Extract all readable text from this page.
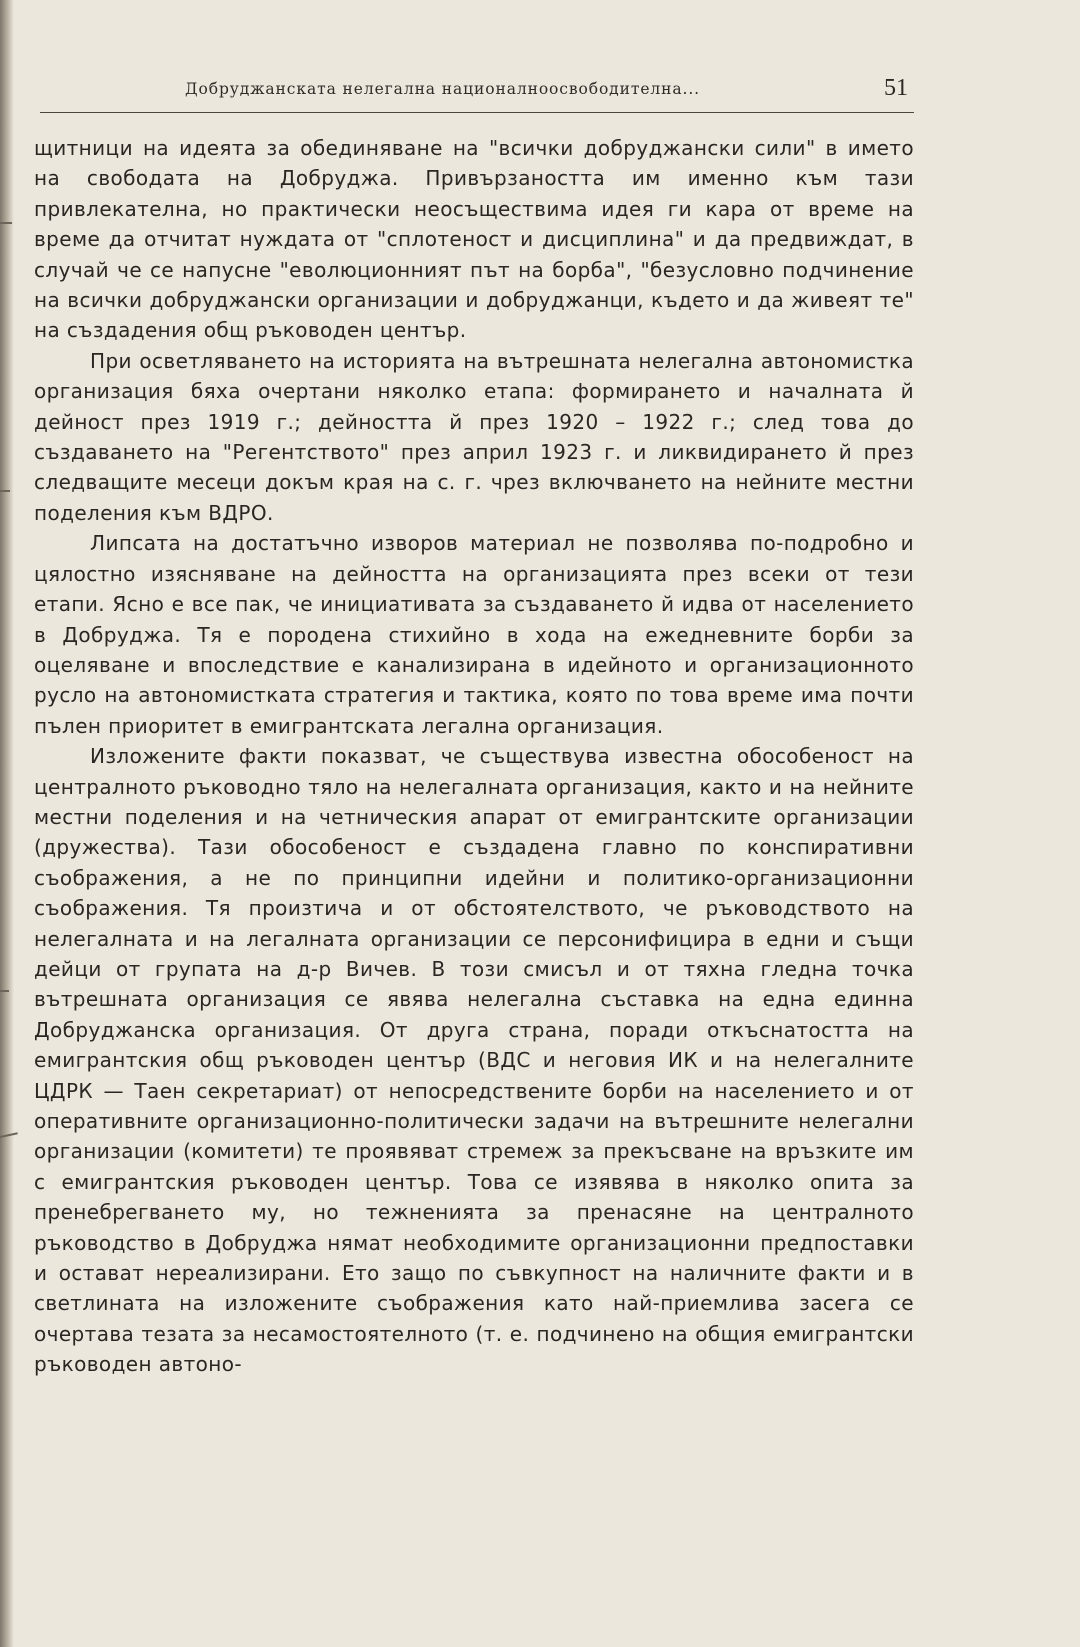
Добруджанската нелегална националноосвободителна...	51

щитници на идеята за обединяване на "всички добруджански сили" в името на свободата на Добруджа. Привързаността им именно към тази привлекателна, но практически неосъществима идея ги кара от време на време да отчитат нуждата от "сплотеност и дисциплина" и да предвиждат, в случай че се напусне "еволюционният път на борба", "безусловно подчинение на всички добруджански организации и добруджанци, където и да живеят те" на създадения общ ръководен център.

При осветляването на историята на вътрешната нелегална автономистка организация бяха очертани няколко етапа: формирането и началната й дейност през 1919 г.; дейността й през 1920 – 1922 г.; след това до създаването на "Регентството" през април 1923 г. и ликвидирането й през следващите месеци докъм края на с. г. чрез включването на нейните местни поделения към ВДРО.

Липсата на достатъчно изворов материал не позволява по-подробно и цялостно изясняване на дейността на организацията през всеки от тези етапи. Ясно е все пак, че инициативата за създаването й идва от населението в Добруджа. Тя е породена стихийно в хода на ежедневните борби за оцеляване и впоследствие е канализирана в идейното и организационното русло на автономистката стратегия и тактика, която по това време има почти пълен приоритет в емигрантската легална организация.

Изложените факти показват, че съществува известна обособеност на централното ръководно тяло на нелегалната организация, както и на нейните местни поделения и на четническия апарат от емигрантските организации (дружества). Тази обособеност е създадена главно по конспиративни съображения, а не по принципни идейни и политико-организационни съображения. Тя произтича и от обстоятелството, че ръководството на нелегалната и на легалната организации се персонифицира в едни и същи дейци от групата на д-р Вичев. В този смисъл и от тяхна гледна точка вътрешната организация се явява нелегална съставка на една единна Добруджанска организация. От друга страна, поради откъснатостта на емигрантския общ ръководен център (ВДС и неговия ИК и на нелегалните ЦДРК — Таен секретариат) от непосредствените борби на населението и от оперативните организационно-политически задачи на вътрешните нелегални организации (комитети) те проявяват стремеж за прекъсване на връзките им с емигрантския ръководен център. Това се изявява в няколко опита за пренебрегването му, но тежненията за пренасяне на централното ръководство в Добруджа нямат необходимите организационни предпоставки и остават нереализирани. Ето защо по съвкупност на наличните факти и в светлината на изложените съображения като най-приемлива засега се очертава тезата за несамостоятелното (т. е. подчинено на общия емигрантски ръководен автоно-
